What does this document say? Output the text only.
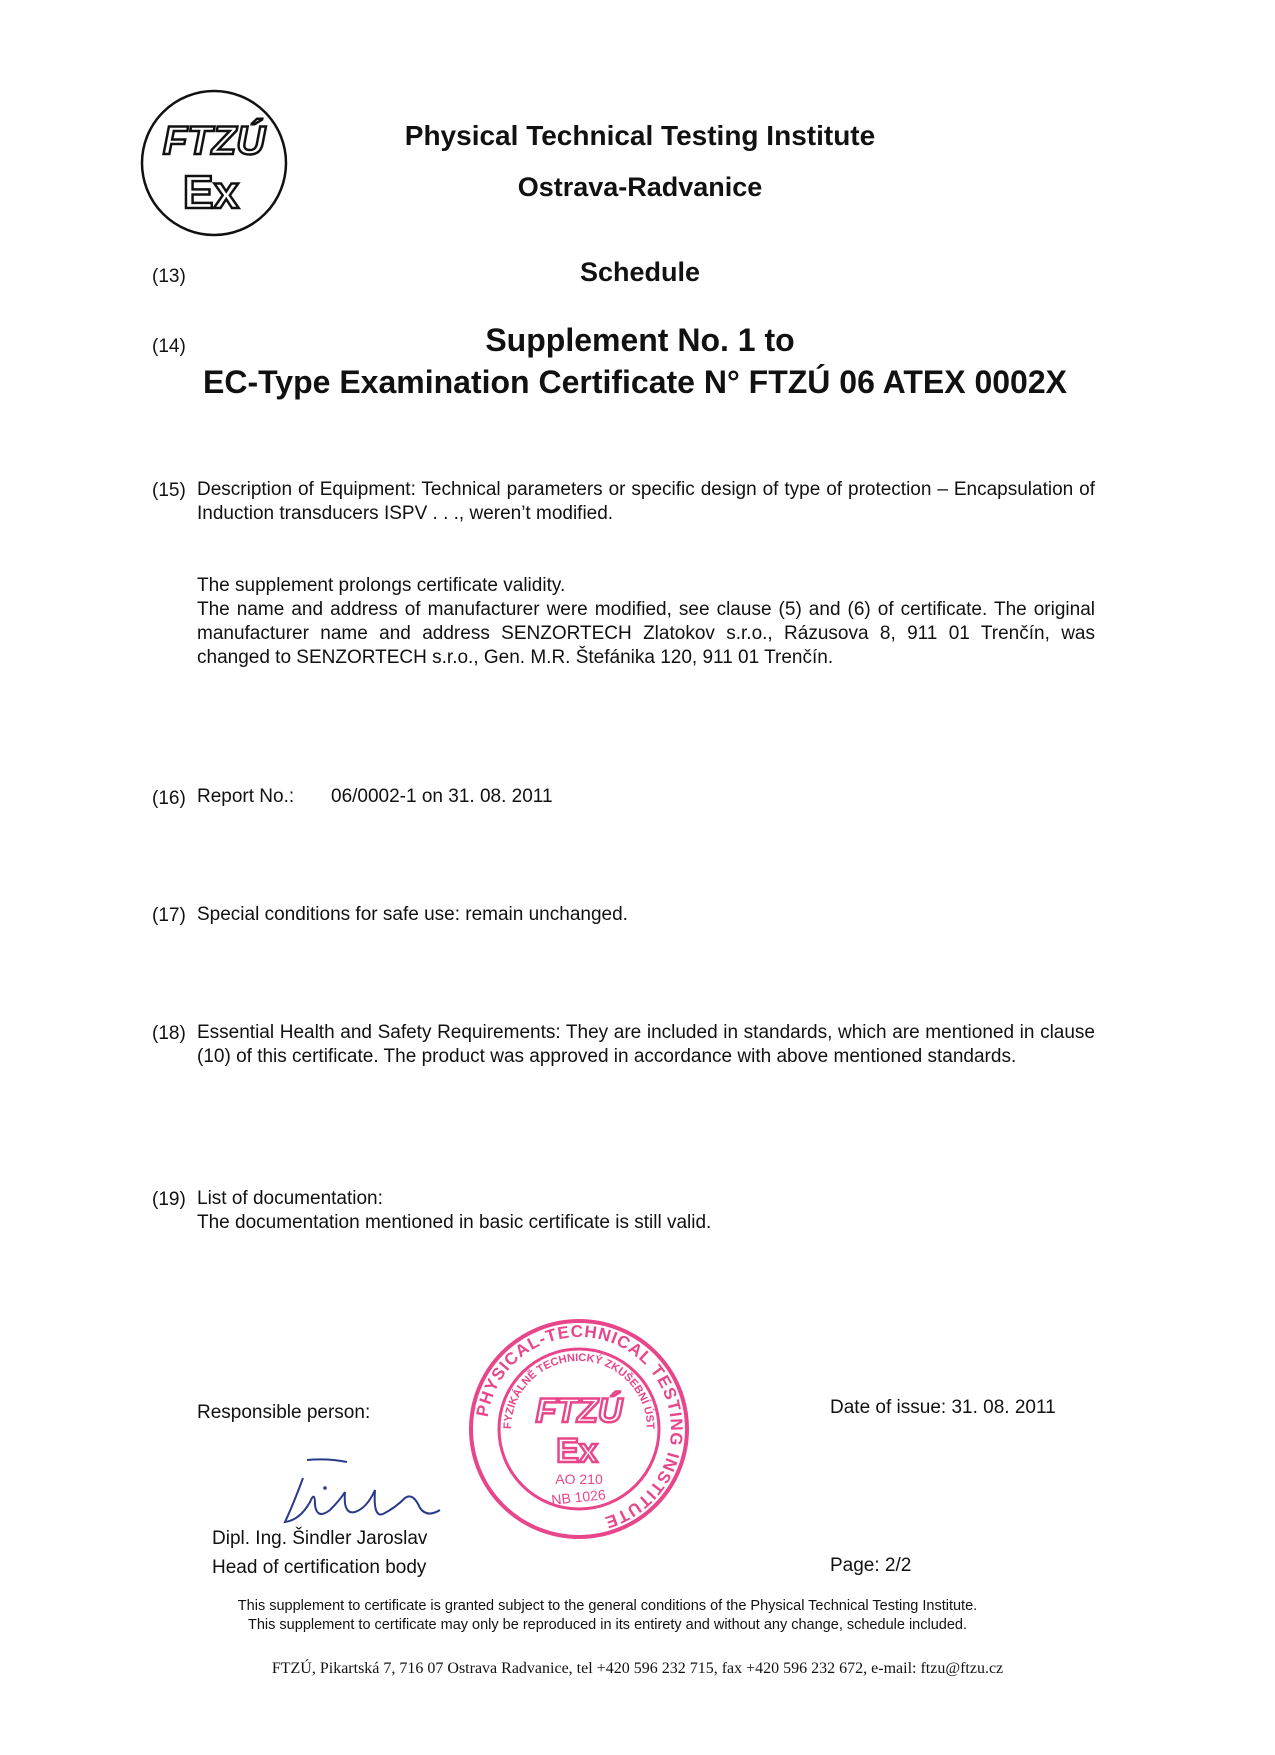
FTZÚ
Ex
Physical Technical Testing Institute
Ostrava-Radvanice
(13)	Schedule
(14)	Supplement No. 1 to
EC-Type Examination Certificate N° FTZÚ 06 ATEX 0002X
(15) Description of Equipment: Technical parameters or specific design of type of protection – Encapsulation of Induction transducers ISPV . . ., weren’t modified.

The supplement prolongs certificate validity.

The name and address of manufacturer were modified, see clause (5) and (6) of certificate. The original manufacturer name and address SENZORTECH Zlatokov s.r.o., Rázusova 8, 911 01 Trenčín, was changed to SENZORTECH s.r.o., Gen. M.R. Štefánika 120, 911 01 Trenčín.

(16) Report No.: 06/0002-1 on 31. 08. 2011
(17) Special conditions for safe use: remain unchanged.
(18) Essential Health and Safety Requirements: They are included in standards, which are mentioned in clause (10) of this certificate. The product was approved in accordance with above mentioned standards.
(19) List of documentation:

The documentation mentioned in basic certificate is still valid.

Responsible person:	PHYSICAL-TECHNICAL TESTING INSTITUTE
FYZIKÁLNĚ TECHNICKÝ ZKUŠEBNÍ ÚST
FTZÚ
Ex
AO 210
NB 1026
Date of issue: 31. 08. 2011
Dipl. Ing. Šindler Jaroslav
Head of certification body	Page: 2/2
This supplement to certificate is granted subject to the general conditions of the Physical Technical Testing Institute.
This supplement to certificate may only be reproduced in its entirety and without any change, schedule included.
FTZÚ, Pikartská 7, 716 07 Ostrava Radvanice, tel +420 596 232 715, fax +420 596 232 672, e-mail: ftzu@ftzu.cz
